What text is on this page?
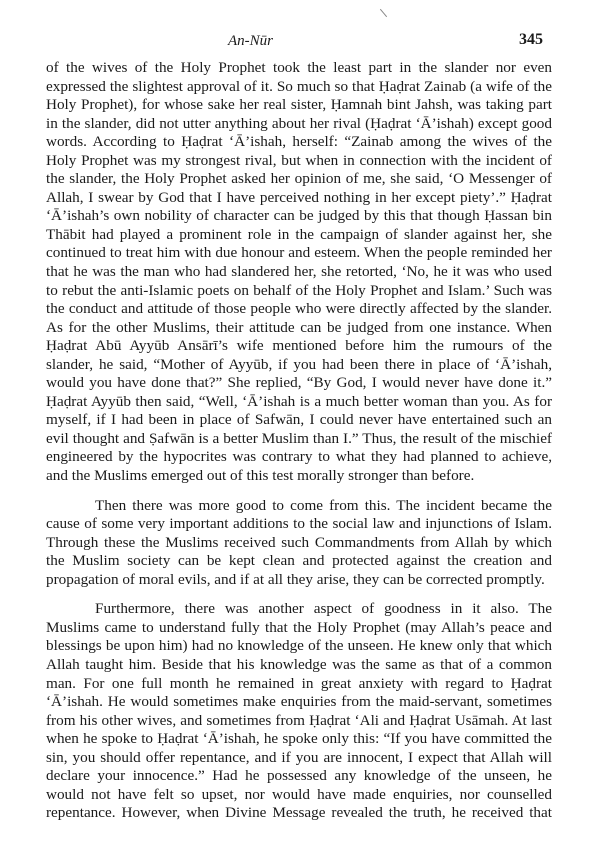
An-Nūr	345
of the wives of the Holy Prophet took the least part in the slander nor even
expressed the slightest approval of it. So much so that Ḥaḍrat Zainab (a wife of the
Holy Prophet), for whose sake her real sister, Ḥamnah bint Jahsh, was taking part
in the slander, did not utter anything about her rival (Ḥaḍrat ‘Ā’ishah) except good
words. According to Ḥaḍrat ‘Ā’ishah, herself: “Zainab among the wives of the
Holy Prophet was my strongest rival, but when in connection with the incident of
the slander, the Holy Prophet asked her opinion of me, she said, ‘O Messenger of
Allah, I swear by God that I have perceived nothing in her except piety’.” Ḥaḍrat
‘Ā’ishah’s own nobility of character can be judged by this that though Ḥassan bin
Thābit had played a prominent role in the campaign of slander against her, she
continued to treat him with due honour and esteem. When the people reminded her
that he was the man who had slandered her, she retorted, ‘No, he it was who used
to rebut the anti-Islamic poets on behalf of the Holy Prophet and Islam.’ Such was
the conduct and attitude of those people who were directly affected by the slander.
As for the other Muslims, their attitude can be judged from one instance. When
Ḥaḍrat Abū Ayyūb Ansārī’s wife mentioned before him the rumours of the
slander, he said, “Mother of Ayyūb, if you had been there in place of ‘Ā’ishah,
would you have done that?” She replied, “By God, I would never have done it.”
Ḥaḍrat Ayyūb then said, “Well, ‘Ā’ishah is a much better woman than you. As for
myself, if I had been in place of Safwān, I could never have entertained such an
evil thought and Ṣafwān is a better Muslim than I.” Thus, the result of the mischief
engineered by the hypocrites was contrary to what they had planned to achieve,
and the Muslims emerged out of this test morally stronger than before.
Then there was more good to come from this. The incident became the
cause of some very important additions to the social law and injunctions of Islam.
Through these the Muslims received such Commandments from Allah by which
the Muslim society can be kept clean and protected against the creation and
propagation of moral evils, and if at all they arise, they can be corrected promptly.
Furthermore, there was another aspect of goodness in it also. The
Muslims came to understand fully that the Holy Prophet (may Allah’s peace and
blessings be upon him) had no knowledge of the unseen. He knew only that which
Allah taught him. Beside that his knowledge was the same as that of a common
man. For one full month he remained in great anxiety with regard to Ḥaḍrat
‘Ā’ishah. He would sometimes make enquiries from the maid-servant, sometimes
from his other wives, and sometimes from Ḥaḍrat ‘Ali and Ḥaḍrat Usāmah. At last
when he spoke to Ḥaḍrat ‘Ā’ishah, he spoke only this: “If you have committed the
sin, you should offer repentance, and if you are innocent, I expect that Allah will
declare your innocence.” Had he possessed any knowledge of the unseen, he
would not have felt so upset, nor would have made enquiries, nor counselled
repentance. However, when Divine Message revealed the truth, he received that
